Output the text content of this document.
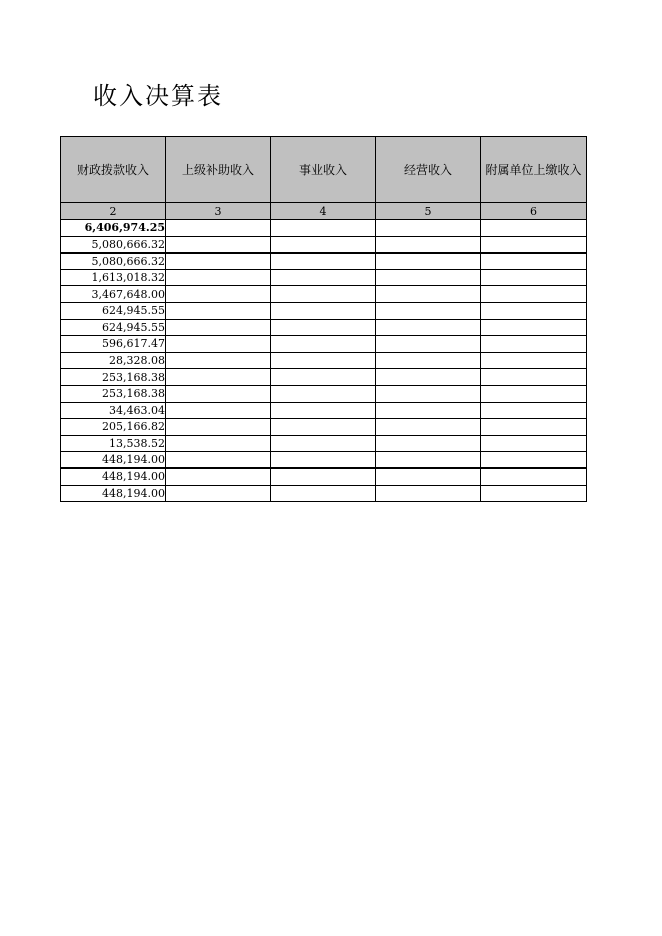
收入决算表
财政拨款收入	上级补助收入	事业收入	经营收入	附属单位上缴收入
2	3	4	5	6
6,406,974.25				
5,080,666.32				
5,080,666.32				
1,613,018.32				
3,467,648.00				
624,945.55				
624,945.55				
596,617.47				
28,328.08				
253,168.38				
253,168.38				
34,463.04				
205,166.82				
13,538.52				
448,194.00				
448,194.00				
448,194.00				
